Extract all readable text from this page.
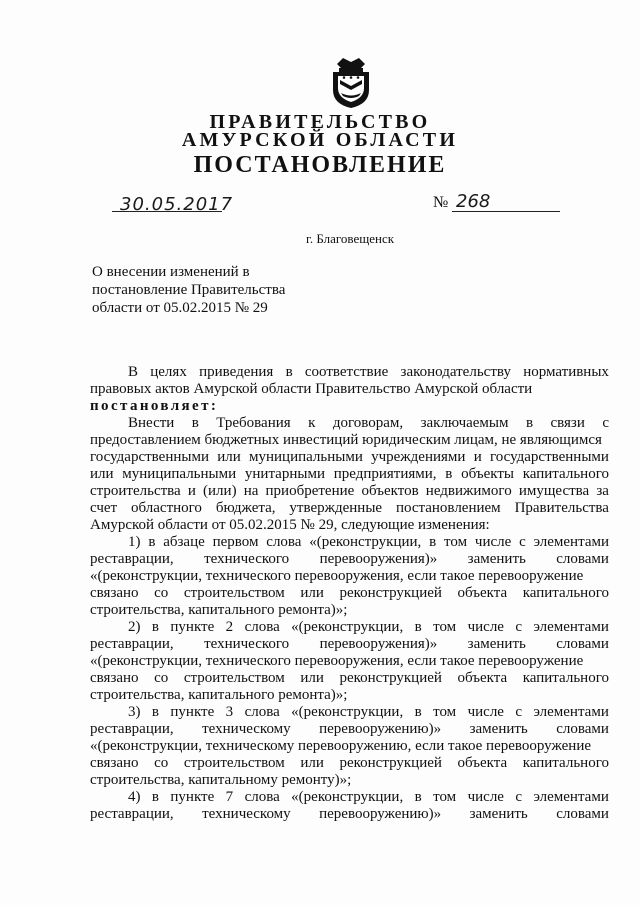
ПРАВИТЕЛЬСТВО
АМУРСКОЙ ОБЛАСТИ
ПОСТАНОВЛЕНИЕ
30.05.2017	№ 268
г. Благовещенск
О внесении изменений в
постановление Правительства
области от 05.02.2015 № 29
В целях приведения в соответствие законодательству нормативных
правовых актов Амурской области Правительство Амурской области
постановляет:
Внести в Требования к договорам, заключаемым в связи с
предоставлением бюджетных инвестиций юридическим лицам, не являющимся
государственными или муниципальными учреждениями и государственными
или муниципальными унитарными предприятиями, в объекты капитального
строительства и (или) на приобретение объектов недвижимого имущества за
счет областного бюджета, утвержденные постановлением Правительства
Амурской области от 05.02.2015 № 29, следующие изменения:
1) в абзаце первом слова «(реконструкции, в том числе с элементами
реставрации, технического перевооружения)» заменить словами
«(реконструкции, технического перевооружения, если такое перевооружение
связано со строительством или реконструкцией объекта капитального
строительства, капитального ремонта)»;
2) в пункте 2 слова «(реконструкции, в том числе с элементами
реставрации, технического перевооружения)» заменить словами
«(реконструкции, технического перевооружения, если такое перевооружение
связано со строительством или реконструкцией объекта капитального
строительства, капитального ремонта)»;
3) в пункте 3 слова «(реконструкции, в том числе с элементами
реставрации, техническому перевооружению)» заменить словами
«(реконструкции, техническому перевооружению, если такое перевооружение
связано со строительством или реконструкцией объекта капитального
строительства, капитальному ремонту)»;
4) в пункте 7 слова «(реконструкции, в том числе с элементами
реставрации, техническому перевооружению)» заменить словами
